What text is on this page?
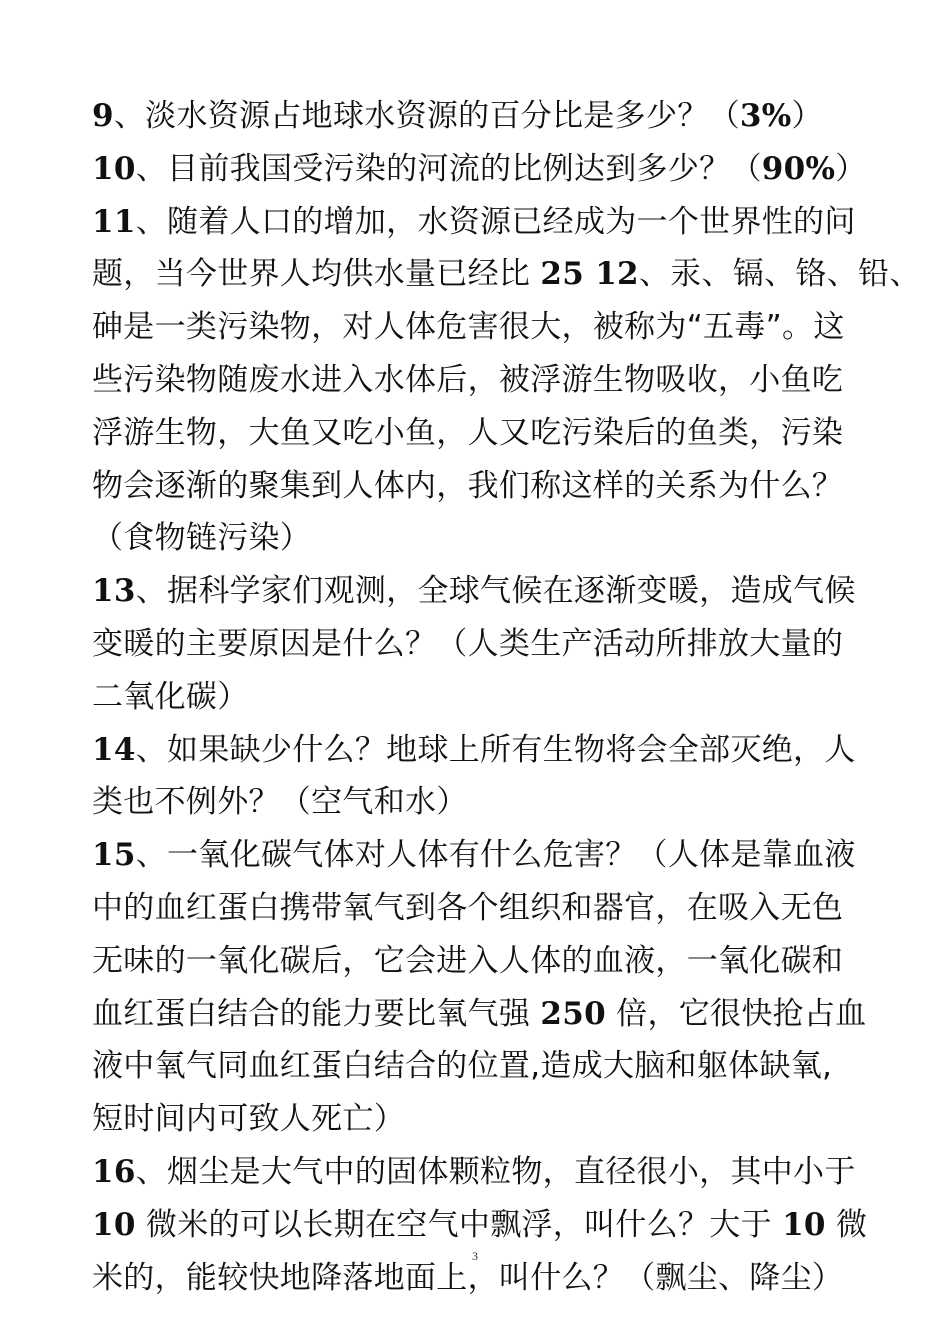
9、淡水资源占地球水资源的百分比是多少？（3%）
10、目前我国受污染的河流的比例达到多少？（90%）
11、随着人口的增加，水资源已经成为一个世界性的问
题，当今世界人均供水量已经比 25 12、汞、镉、铬、铅、
砷是一类污染物，对人体危害很大，被称为“五毒”。这
些污染物随废水进入水体后，被浮游生物吸收，小鱼吃
浮游生物，大鱼又吃小鱼，人又吃污染后的鱼类，污染
物会逐渐的聚集到人体内，我们称这样的关系为什么？
（食物链污染）
13、据科学家们观测，全球气候在逐渐变暖，造成气候
变暖的主要原因是什么？（人类生产活动所排放大量的
二氧化碳）
14、如果缺少什么？地球上所有生物将会全部灭绝，人
类也不例外？（空气和水）
15、一氧化碳气体对人体有什么危害？（人体是靠血液
中的血红蛋白携带氧气到各个组织和器官，在吸入无色
无味的一氧化碳后，它会进入人体的血液，一氧化碳和
血红蛋白结合的能力要比氧气强 250 倍，它很快抢占血
液中氧气同血红蛋白结合的位置,造成大脑和躯体缺氧,
短时间内可致人死亡）
16、烟尘是大气中的固体颗粒物，直径很小，其中小于
10 微米的可以长期在空气中飘浮，叫什么？大于 10 微
米的，能较快地降落地面上，叫什么？（飘尘、降尘）
3
